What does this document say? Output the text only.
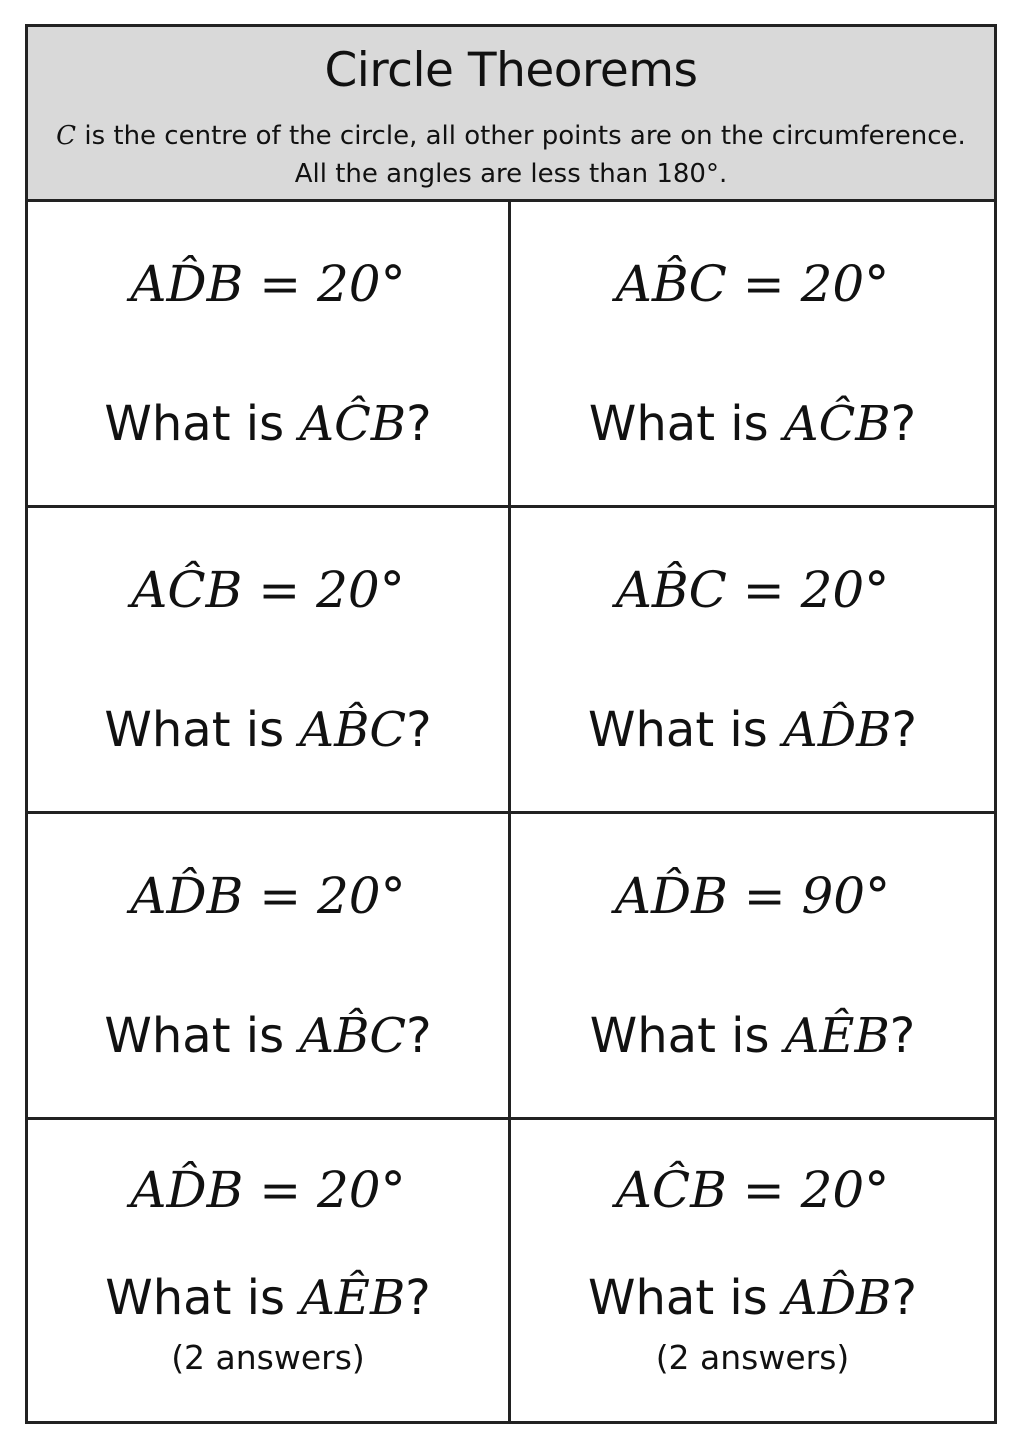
Circle Theorems
C is the centre of the circle, all other points are on the circumference.
All the angles are less than 180°.
AD̂B = 20°
What is AĈB?
AB̂C = 20°
What is AĈB?
AĈB = 20°
What is AB̂C?
AB̂C = 20°
What is AD̂B?
AD̂B = 20°
What is AB̂C?
AD̂B = 90°
What is AÊB?
AD̂B = 20°
What is AÊB?
(2 answers)
AĈB = 20°
What is AD̂B?
(2 answers)
